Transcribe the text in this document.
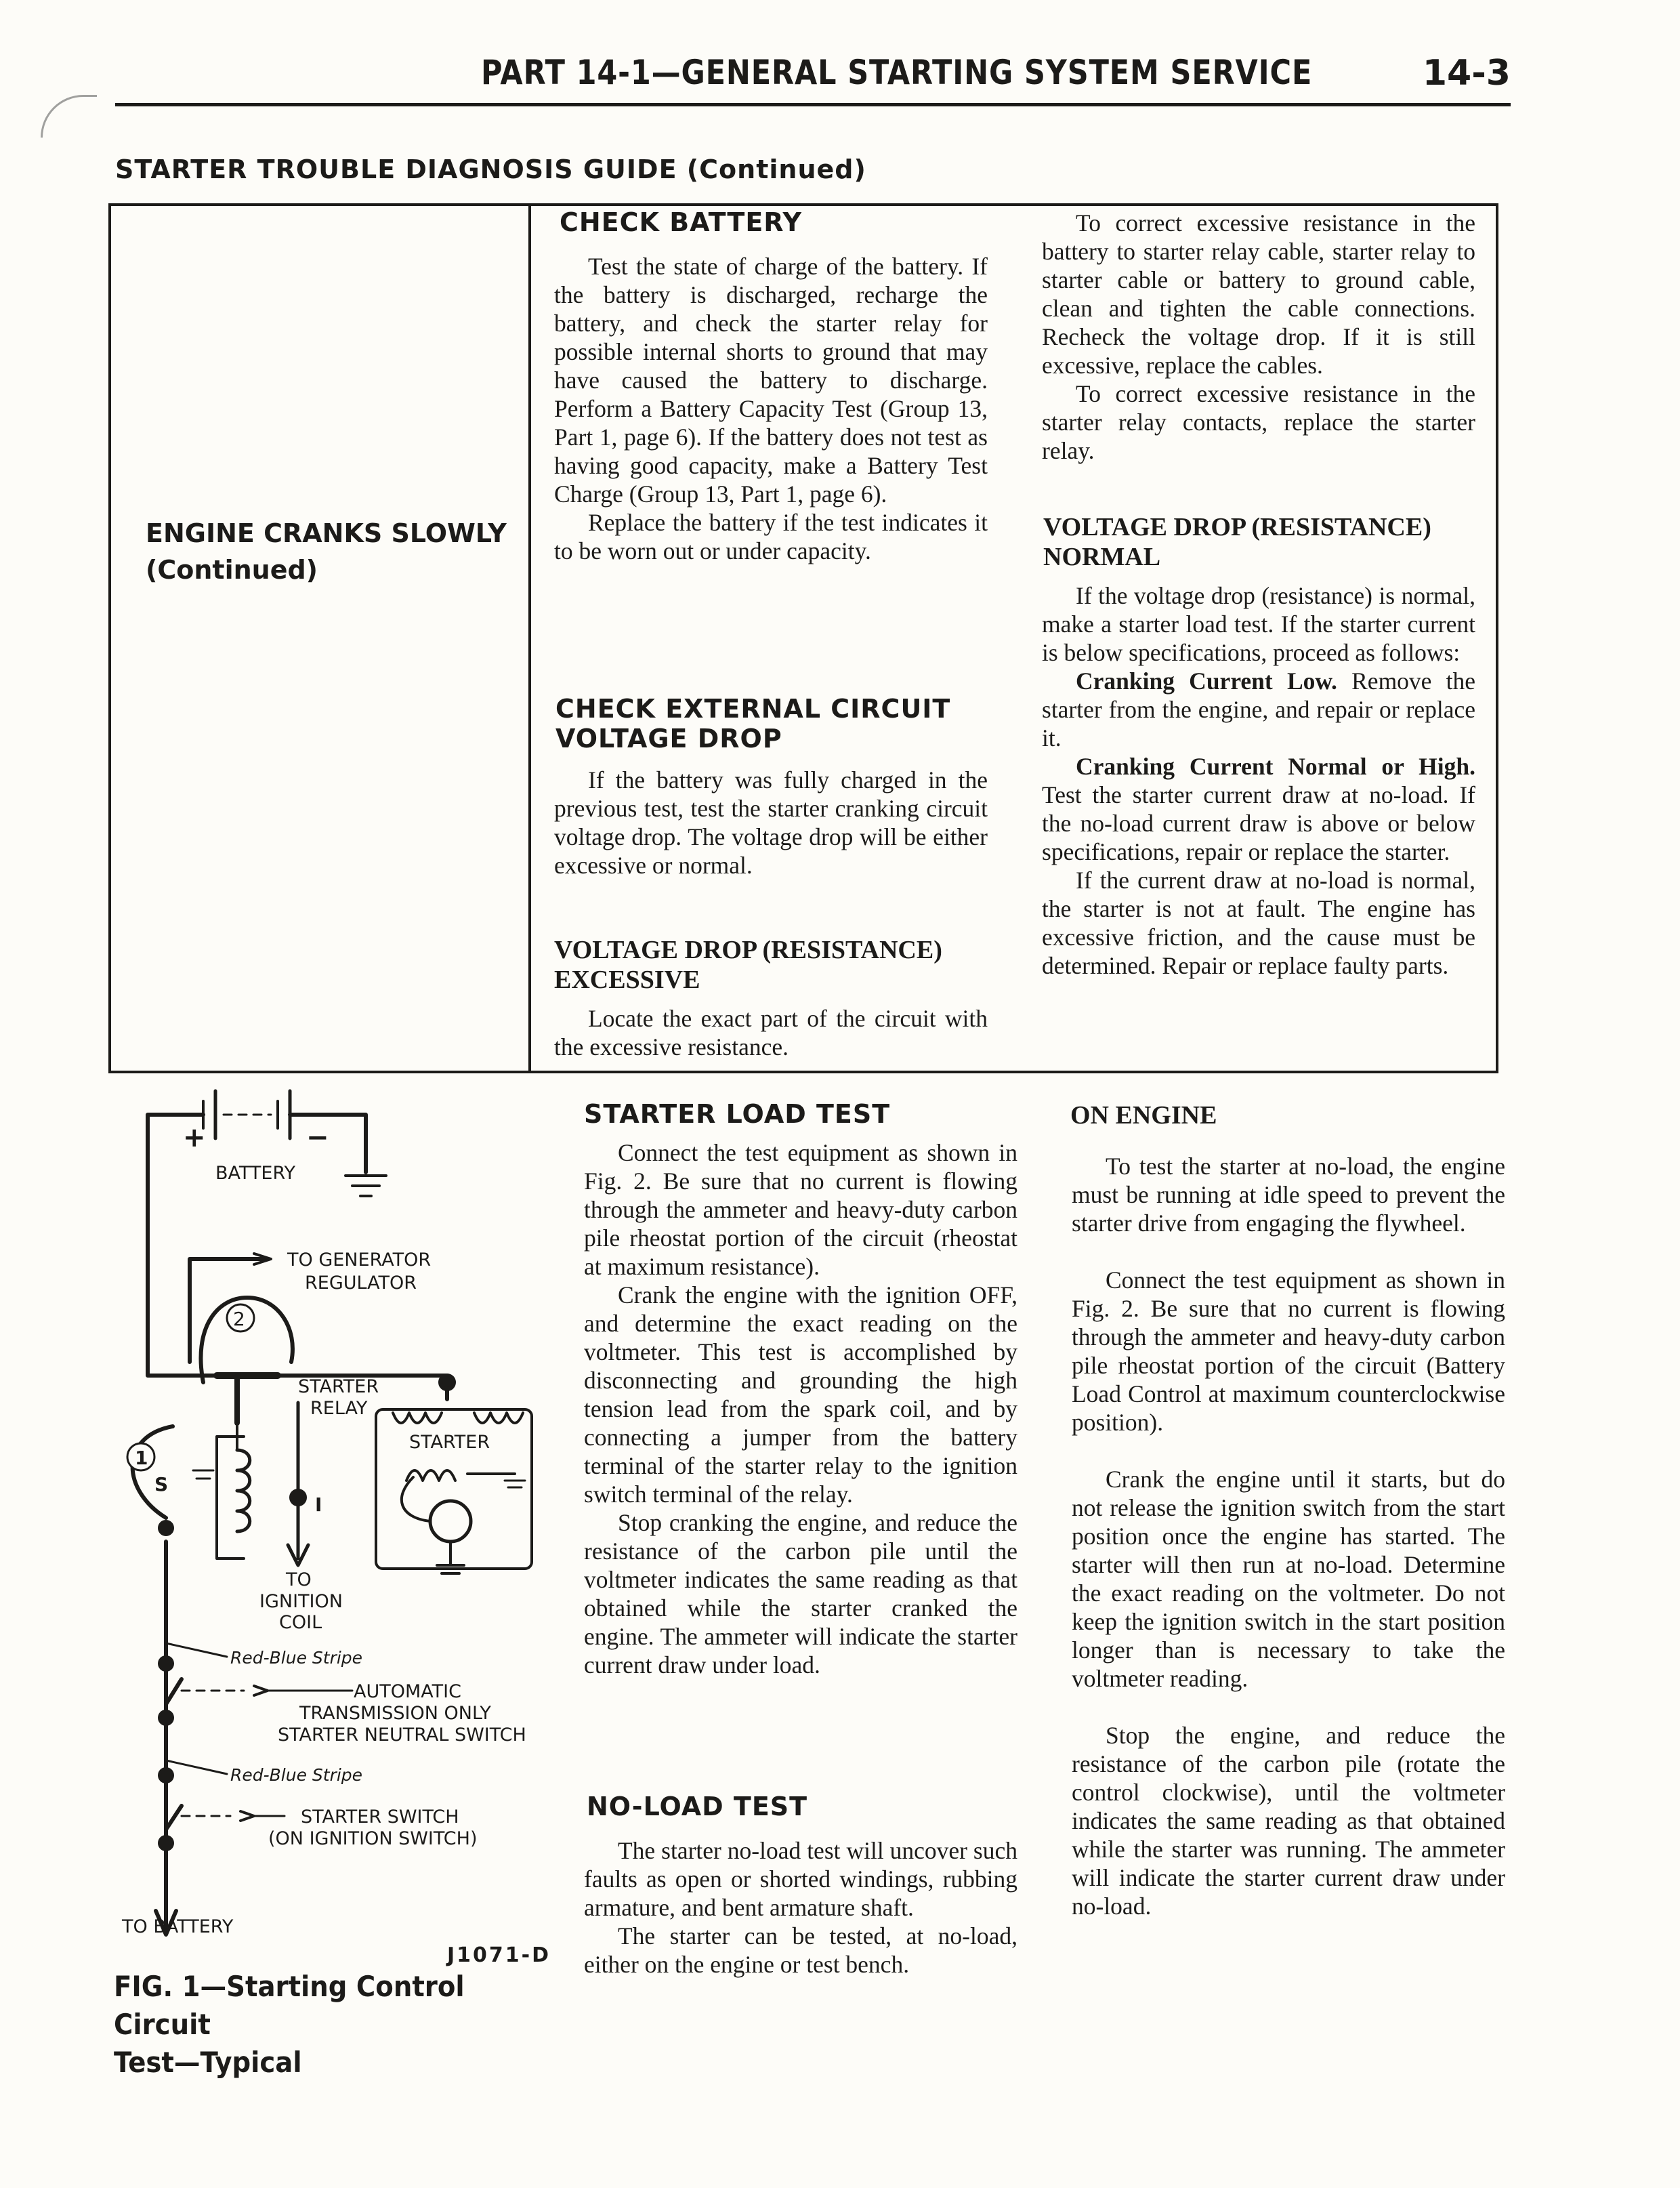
PART 14-1—GENERAL STARTING SYSTEM SERVICE	14-3
STARTER TROUBLE DIAGNOSIS GUIDE (Continued)
ENGINE CRANKS SLOWLY
(Continued)
CHECK BATTERY

Test the state of charge of the battery. If the battery is discharged, recharge the battery, and check the starter relay for possible internal shorts to ground that may have caused the battery to discharge. Perform a Battery Capacity Test (Group 13, Part 1, page 6). If the battery does not test as having good capacity, make a Battery Test Charge (Group 13, Part 1, page 6).

Replace the battery if the test indicates it to be worn out or under capacity.

CHECK EXTERNAL CIRCUIT
VOLTAGE DROP

If the battery was fully charged in the previous test, test the starter cranking circuit voltage drop. The voltage drop will be either excessive or normal.

VOLTAGE DROP (RESISTANCE)
EXCESSIVE

Locate the exact part of the circuit with the excessive resistance.

To correct excessive resistance in the battery to starter relay cable, starter relay to starter cable or battery to ground cable, clean and tighten the cable connections. Recheck the voltage drop. If it is still excessive, replace the cables.

To correct excessive resistance in the starter relay contacts, replace the starter relay.

VOLTAGE DROP (RESISTANCE)
NORMAL

If the voltage drop (resistance) is normal, make a starter load test. If the starter current is below specifications, proceed as follows:

Cranking Current Low. Remove the starter from the engine, and repair or replace it.

Cranking Current Normal or High. Test the starter current draw at no-load. If the no-load current draw is above or below specifications, repair or replace the starter.

If the current draw at no-load is normal, the starter is not at fault. The engine has excessive friction, and the cause must be determined. Repair or replace faulty parts.

STARTER LOAD TEST

Connect the test equipment as shown in Fig. 2. Be sure that no current is flowing through the ammeter and heavy-duty carbon pile rheostat portion of the circuit (rheostat at maximum resistance).

Crank the engine with the ignition OFF, and determine the exact reading on the voltmeter. This test is accomplished by disconnecting and grounding the high tension lead from the spark coil, and by connecting a jumper from the battery terminal of the starter relay to the ignition switch terminal of the relay.

Stop cranking the engine, and reduce the resistance of the carbon pile until the voltmeter indicates the same reading as that obtained while the starter cranked the engine. The ammeter will indicate the starter current draw under load.

NO-LOAD TEST

The starter no-load test will uncover such faults as open or shorted windings, rubbing armature, and bent armature shaft.

The starter can be tested, at no-load, either on the engine or test bench.

ON ENGINE

To test the starter at no-load, the engine must be running at idle speed to prevent the starter drive from engaging the flywheel.

Connect the test equipment as shown in Fig. 2. Be sure that no current is flowing through the ammeter and heavy-duty carbon pile rheostat portion of the circuit (Battery Load Control at maximum counterclockwise position).

Crank the engine until it starts, but do not release the ignition switch from the start position once the engine has started. The starter will then run at no-load. Determine the exact reading on the voltmeter. Do not keep the ignition switch in the start position longer than is necessary to take the voltmeter reading.

Stop the engine, and reduce the resistance of the carbon pile (rotate the control clockwise), until the voltmeter indicates the same reading as that obtained while the starter was running. The ammeter will indicate the starter current draw under no-load.

+	−
BATTERY
TO GENERATOR
REGULATOR
2
1
S
I
STARTER
RELAY
STARTER
TO
IGNITION
COIL
Red-Blue Stripe
AUTOMATIC
TRANSMISSION ONLY
STARTER NEUTRAL SWITCH
Red-Blue Stripe
STARTER SWITCH
(ON IGNITION SWITCH)
TO BATTERY
J1071-D
FIG. 1—Starting Control Circuit
Test—Typical
